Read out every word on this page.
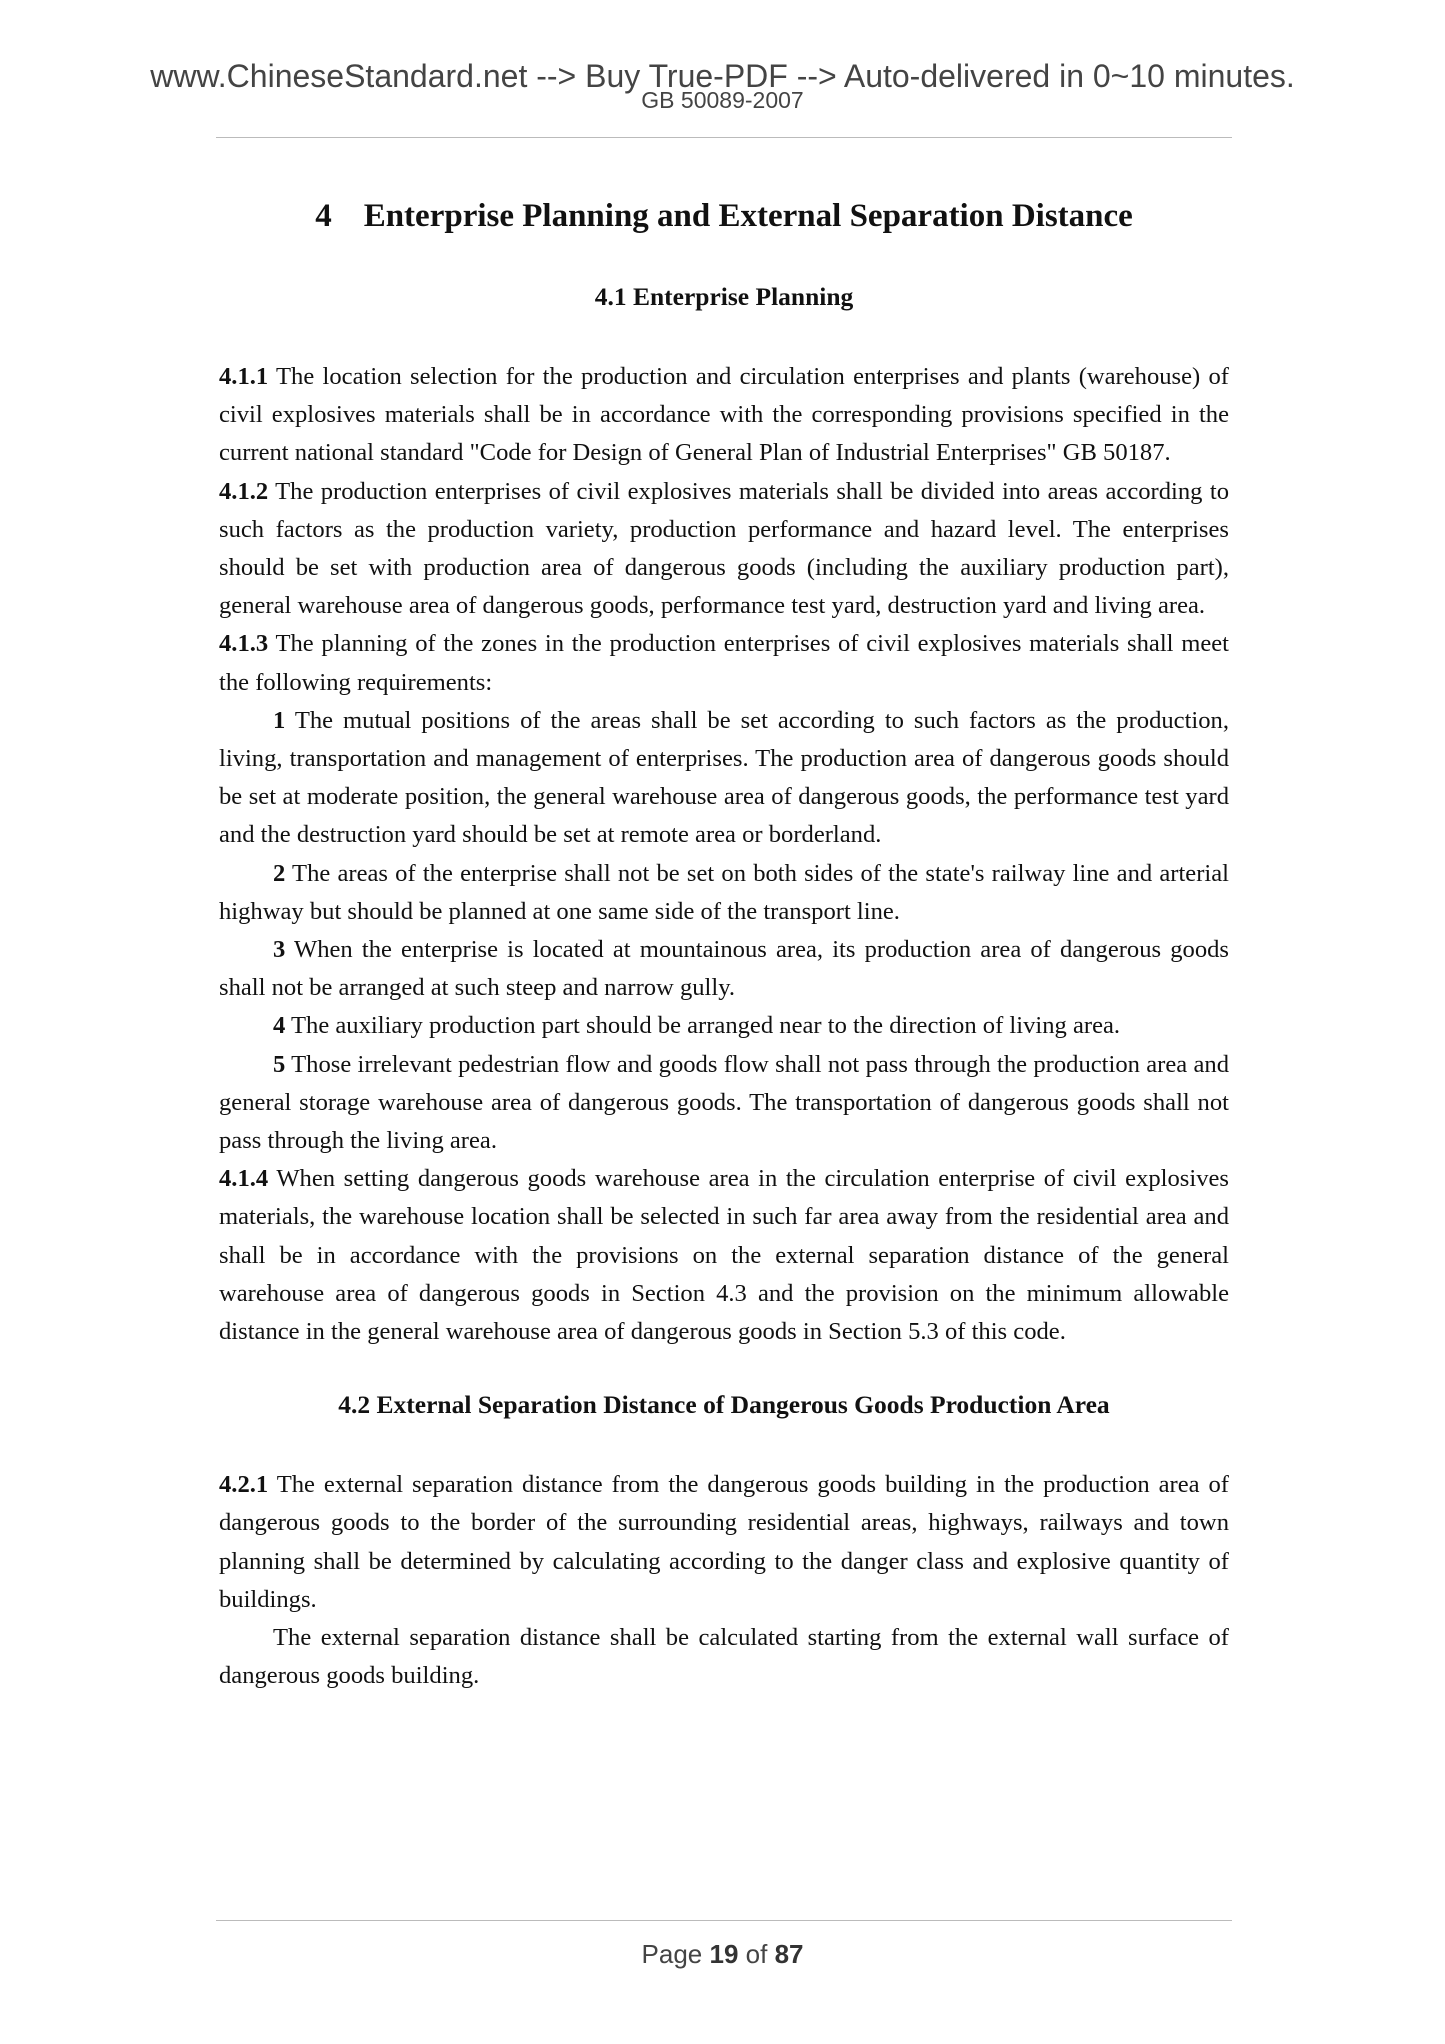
www.ChineseStandard.net --> Buy True-PDF --> Auto-delivered in 0~10 minutes.
GB 50089-2007
4 Enterprise Planning and External Separation Distance
4.1 Enterprise Planning

4.1.1 The location selection for the production and circulation enterprises and plants (warehouse) of civil explosives materials shall be in accordance with the corresponding provisions specified in the current national standard "Code for Design of General Plan of Industrial Enterprises" GB 50187.

4.1.2 The production enterprises of civil explosives materials shall be divided into areas according to such factors as the production variety, production performance and hazard level. The enterprises should be set with production area of dangerous goods (including the auxiliary production part), general warehouse area of dangerous goods, performance test yard, destruction yard and living area.

4.1.3 The planning of the zones in the production enterprises of civil explosives materials shall meet the following requirements:

1 The mutual positions of the areas shall be set according to such factors as the production, living, transportation and management of enterprises. The production area of dangerous goods should be set at moderate position, the general warehouse area of dangerous goods, the performance test yard and the destruction yard should be set at remote area or borderland.

2 The areas of the enterprise shall not be set on both sides of the state's railway line and arterial highway but should be planned at one same side of the transport line.

3 When the enterprise is located at mountainous area, its production area of dangerous goods shall not be arranged at such steep and narrow gully.

4 The auxiliary production part should be arranged near to the direction of living area.

5 Those irrelevant pedestrian flow and goods flow shall not pass through the production area and general storage warehouse area of dangerous goods. The transportation of dangerous goods shall not pass through the living area.

4.1.4 When setting dangerous goods warehouse area in the circulation enterprise of civil explosives materials, the warehouse location shall be selected in such far area away from the residential area and shall be in accordance with the provisions on the external separation distance of the general warehouse area of dangerous goods in Section 4.3 and the provision on the minimum allowable distance in the general warehouse area of dangerous goods in Section 5.3 of this code.

4.2 External Separation Distance of Dangerous Goods Production Area

4.2.1 The external separation distance from the dangerous goods building in the production area of dangerous goods to the border of the surrounding residential areas, highways, railways and town planning shall be determined by calculating according to the danger class and explosive quantity of buildings.

The external separation distance shall be calculated starting from the external wall surface of dangerous goods building.

Page 19 of 87
